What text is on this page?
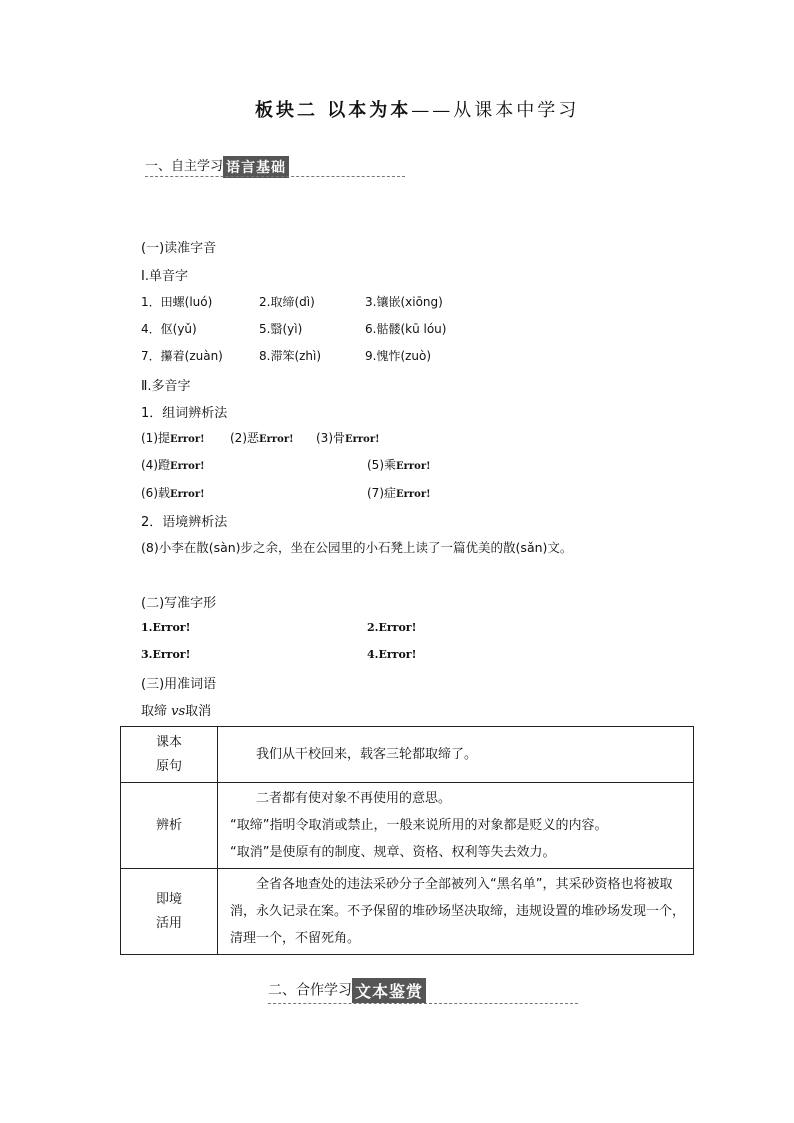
板块二 以本为本——从课本中学习
一、自主学习 语言基础
(一)读准字音
Ⅰ.单音字
1．田螺(luó)	2.取缔(dì)	3.镶嵌(xiōng)
4．伛(yǔ)	5.翳(yì)	6.骷髅(kū lóu)
7．攥着(zuàn)	8.滞笨(zhì)	9.愧怍(zuò)
Ⅱ.多音字
1．组词辨析法
(1)提Error! (2)恶Error! (3)骨Error!
(4)蹬Error!	(5)乘Error!
(6)载Error!	(7)症Error!
2．语境辨析法
(8)小李在散(sàn)步之余，坐在公园里的小石凳上读了一篇优美的散(sǎn)文。
(二)写准字形
1.Error!	2.Error!
3.Error!	4.Error!
(三)用准词语
取缔 vs取消
课本
原句	我们从干校回来，载客三轮都取缔了。

辨析	二者都有使对象不再使用的意思。
“取缔”指明令取消或禁止，一般来说所用的对象都是贬义的内容。
“取消”是使原有的制度、规章、资格、权利等失去效力。

即境
活用	全省各地查处的违法采砂分子全部被列入“黑名单”，其采砂资格也将被取消，永久记录在案。不予保留的堆砂场坚决取缔，违规设置的堆砂场发现一个，清理一个，不留死角。
二、合作学习 文本鉴赏
